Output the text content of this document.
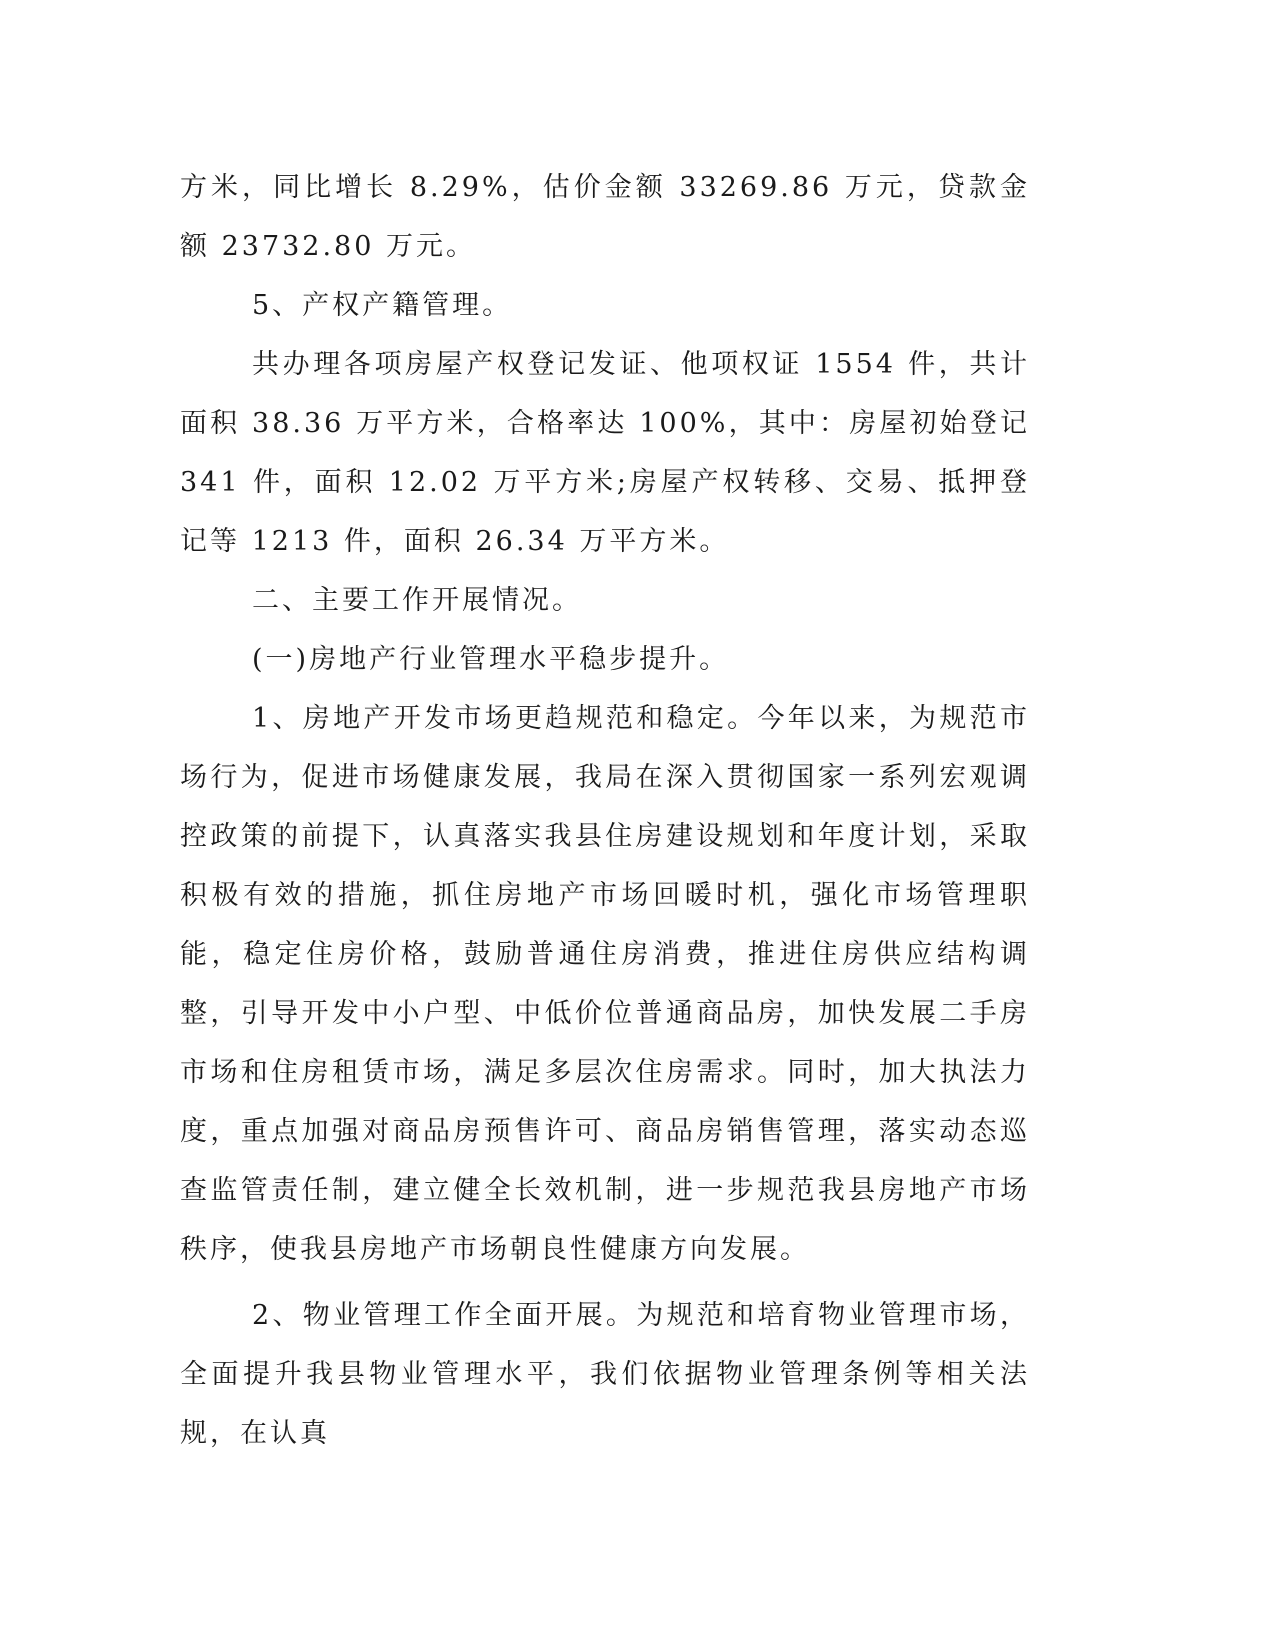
方米，同比增长 8.29%，估价金额 33269.86 万元，贷款金额 23732.80 万元。

5、产权产籍管理。

共办理各项房屋产权登记发证、他项权证 1554 件，共计面积 38.36 万平方米，合格率达 100%，其中：房屋初始登记 341 件，面积 12.02 万平方米;房屋产权转移、交易、抵押登记等 1213 件，面积 26.34 万平方米。

二、主要工作开展情况。

(一)房地产行业管理水平稳步提升。

1、房地产开发市场更趋规范和稳定。今年以来，为规范市场行为，促进市场健康发展，我局在深入贯彻国家一系列宏观调控政策的前提下，认真落实我县住房建设规划和年度计划，采取积极有效的措施，抓住房地产市场回暖时机，强化市场管理职能，稳定住房价格，鼓励普通住房消费，推进住房供应结构调整，引导开发中小户型、中低价位普通商品房，加快发展二手房市场和住房租赁市场，满足多层次住房需求。同时，加大执法力度，重点加强对商品房预售许可、商品房销售管理，落实动态巡查监管责任制，建立健全长效机制，进一步规范我县房地产市场秩序，使我县房地产市场朝良性健康方向发展。

2、物业管理工作全面开展。为规范和培育物业管理市场，全面提升我县物业管理水平，我们依据物业管理条例等相关法规，在认真
